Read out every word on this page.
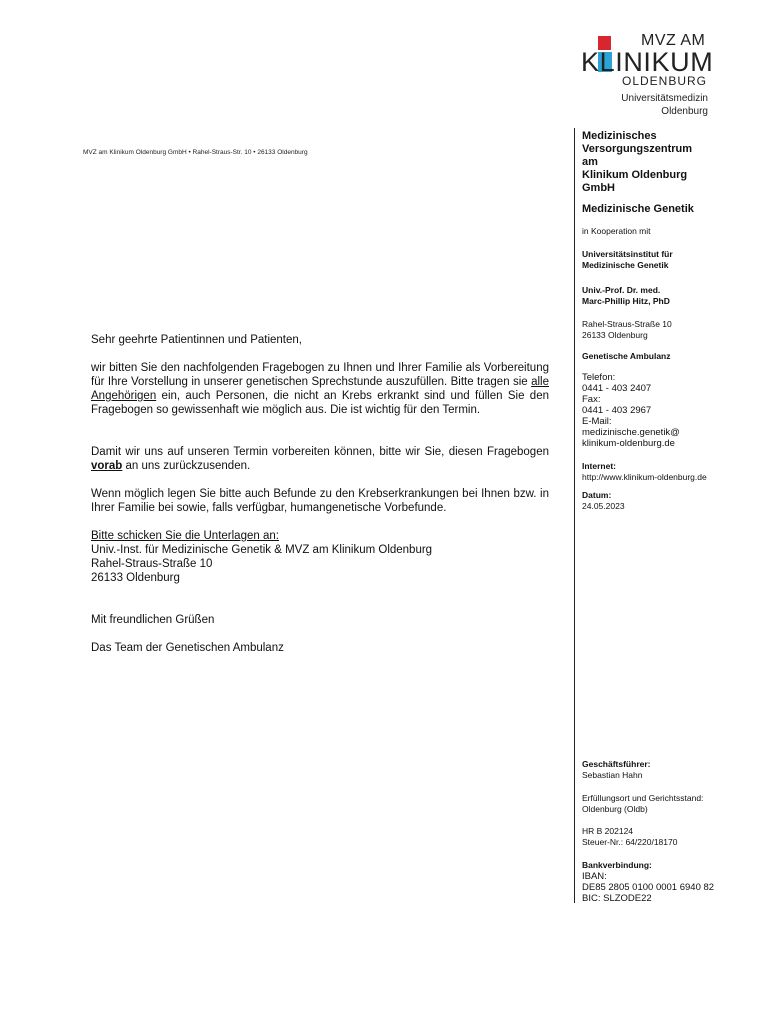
MVZ AM
KLINIKUM
OLDENBURG
Universitätsmedizin
Oldenburg
MVZ am Klinikum Oldenburg GmbH • Rahel-Straus-Str. 10 • 26133 Oldenburg
Medizinisches
Versorgungszentrum
am
Klinikum Oldenburg
GmbH
Medizinische Genetik
in Kooperation mit
Universitätsinstitut für
Medizinische Genetik
Univ.-Prof. Dr. med.
Marc-Phillip Hitz, PhD
Rahel-Straus-Straße 10
26133 Oldenburg
Genetische Ambulanz
Telefon:
0441 - 403 2407
Fax:
0441 - 403 2967
E-Mail:
medizinische.genetik@
klinikum-oldenburg.de
Internet:
http://www.klinikum-oldenburg.de
Datum:
24.05.2023
Geschäftsführer:
Sebastian Hahn
Erfüllungsort und Gerichtsstand:
Oldenburg (Oldb)
HR B 202124
Steuer-Nr.: 64/220/18170
Bankverbindung:
IBAN:
DE85 2805 0100 0001 6940 82
BIC: SLZODE22
Sehr geehrte Patientinnen und Patienten,
wir bitten Sie den nachfolgenden Fragebogen zu Ihnen und Ihrer Familie als Vorbereitung für Ihre Vorstellung in unserer genetischen Sprechstunde auszufüllen. Bitte tragen sie alle Angehörigen ein, auch Personen, die nicht an Krebs erkrankt sind und füllen Sie den Fragebogen so gewissenhaft wie möglich aus. Die ist wichtig für den Termin.
Damit wir uns auf unseren Termin vorbereiten können, bitte wir Sie, diesen Fragebogen vorab an uns zurückzusenden.
Wenn möglich legen Sie bitte auch Befunde zu den Krebserkrankungen bei Ihnen bzw. in Ihrer Familie bei sowie, falls verfügbar, humangenetische Vorbefunde.
Bitte schicken Sie die Unterlagen an:
Univ.-Inst. für Medizinische Genetik & MVZ am Klinikum Oldenburg
Rahel-Straus-Straße 10
26133 Oldenburg
Mit freundlichen Grüßen
Das Team der Genetischen Ambulanz
